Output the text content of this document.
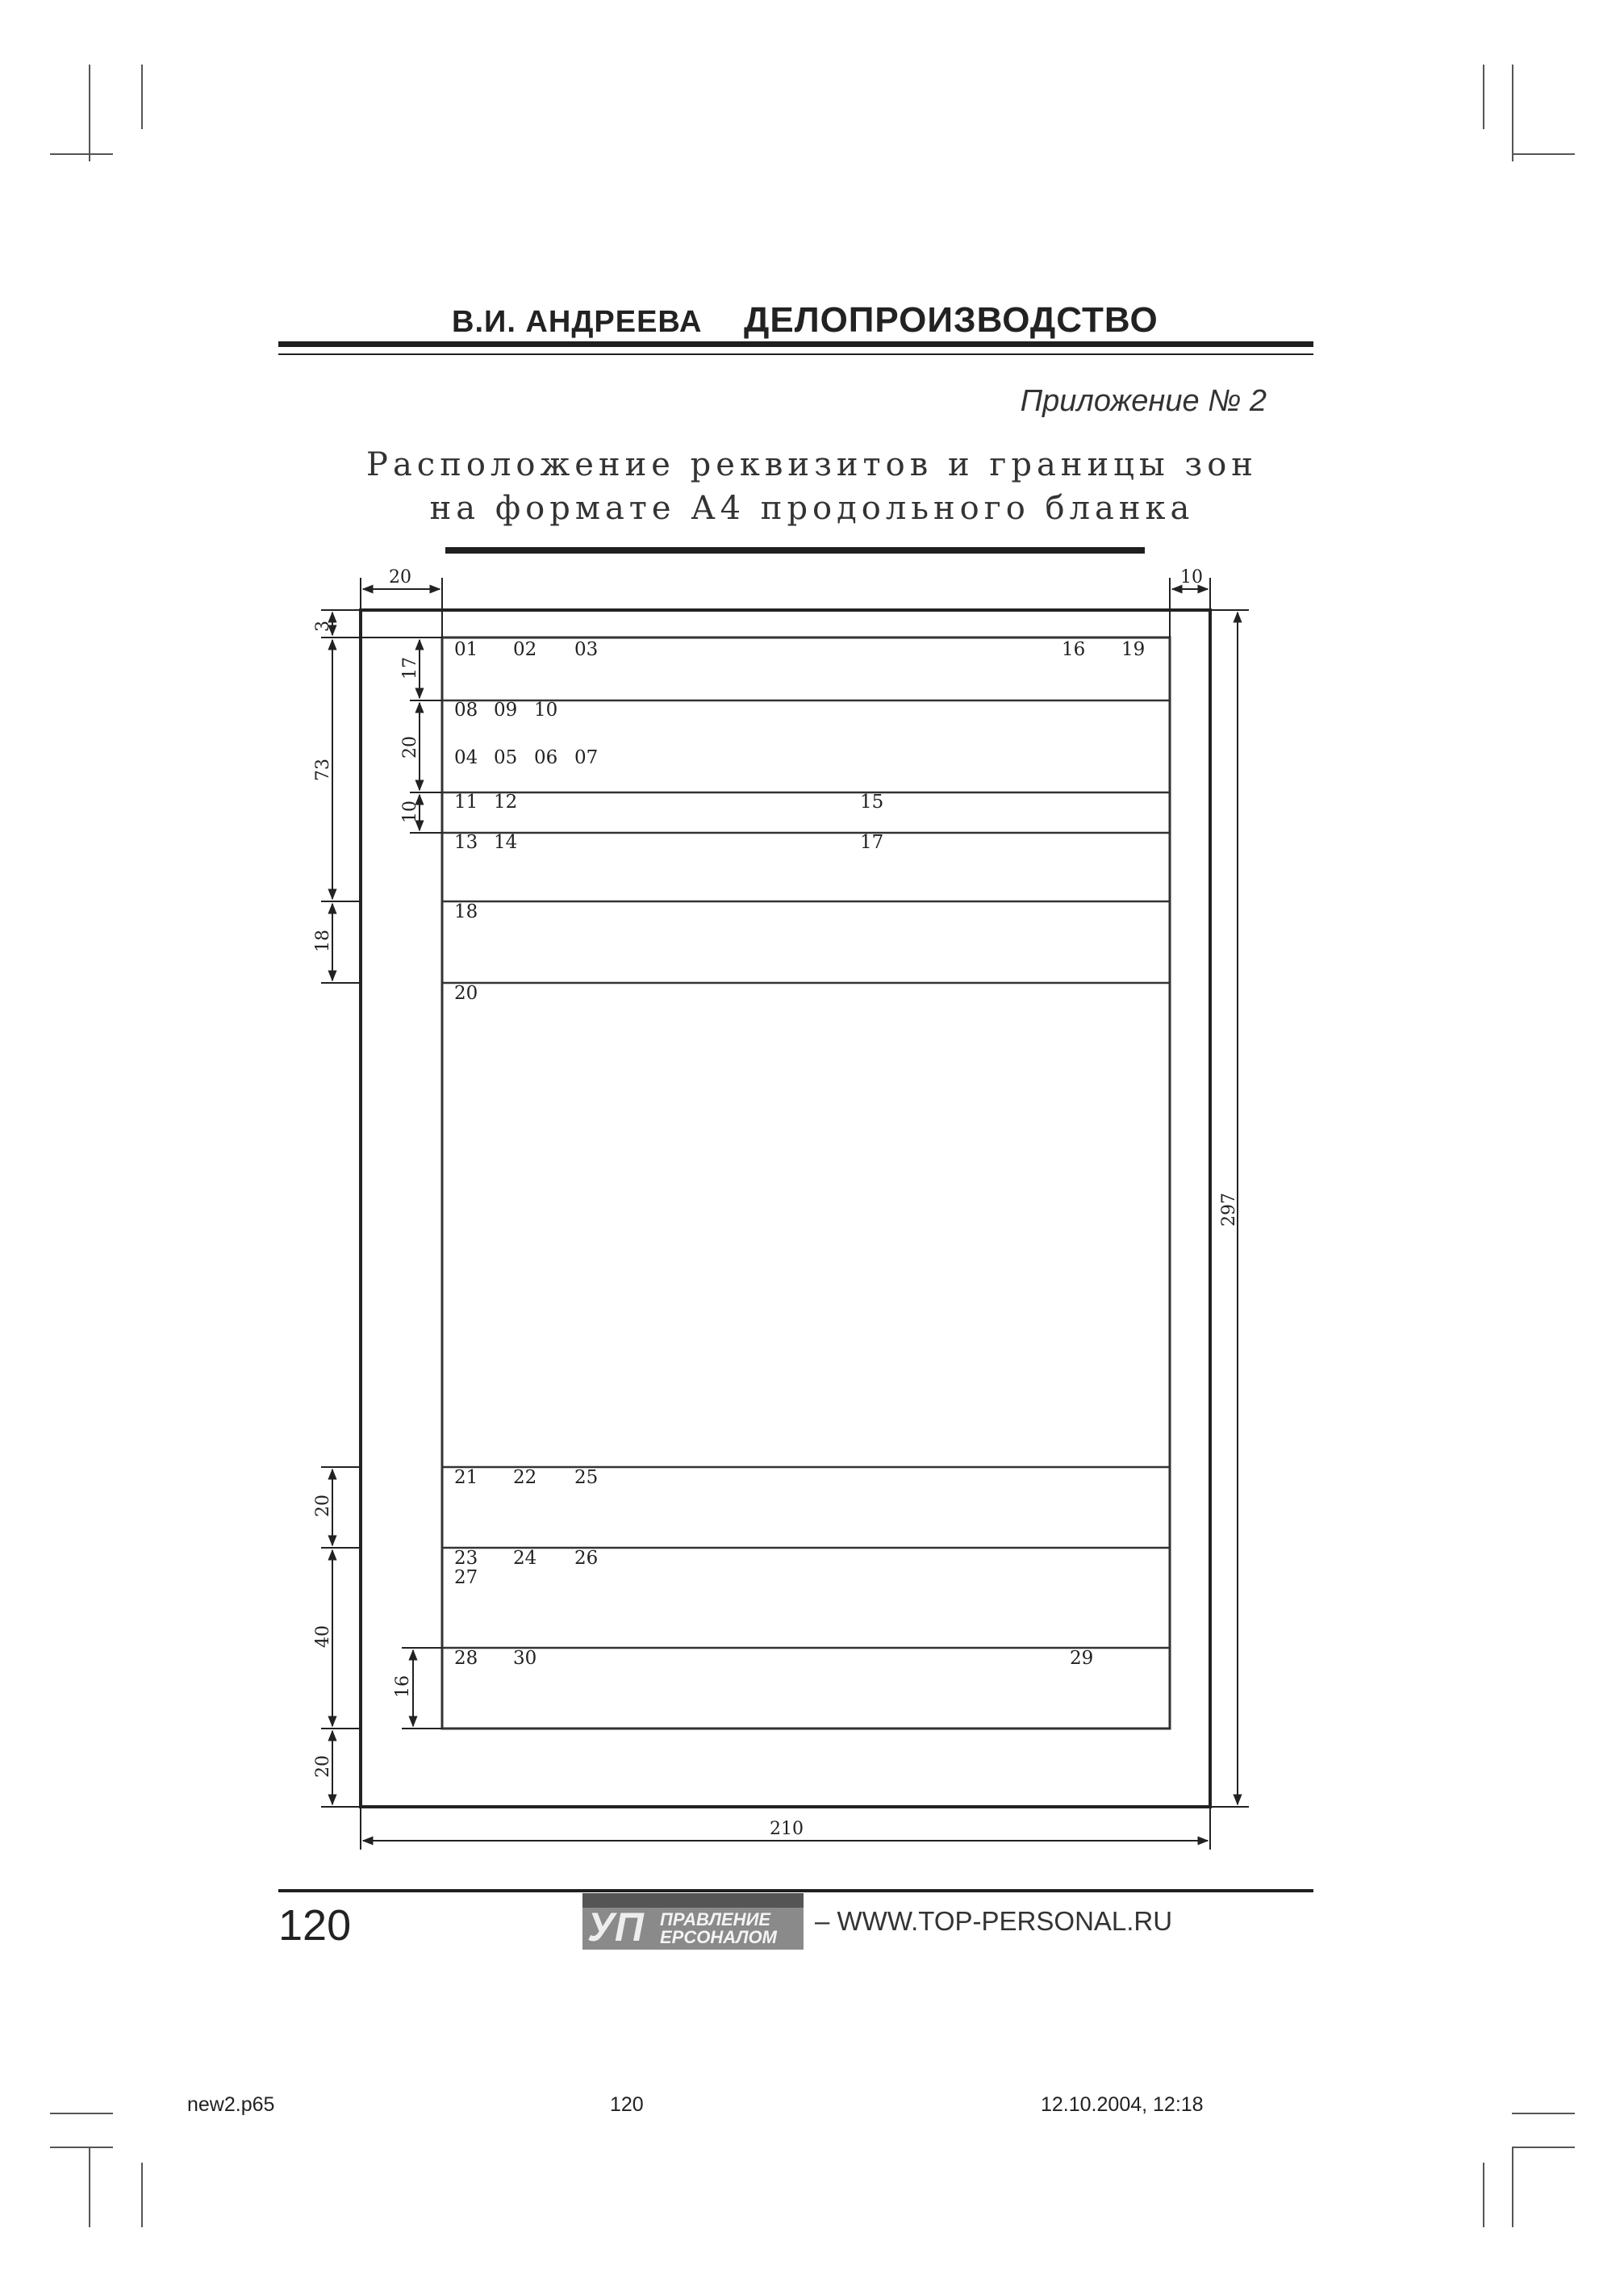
В.И. АНДРЕЕВА ДЕЛОПРОИЗВОДСТВО
Приложение № 2
Расположение реквизитов и границы зон
на формате А4 продольного бланка
01 02 03	16 19
08 09 10
04 05 06 07
11 12	15
13 14	17
18
20
21 22 25
23 24 26
27
28 30	29
20	10
210
297
3
73
18
20
40
20
17
20
10
16
120	УП ПРАВЛЕНИЕ
ЕРСОНАЛОМ
– WWW.TOP-PERSONAL.RU
new2.p65	120	12.10.2004, 12:18
